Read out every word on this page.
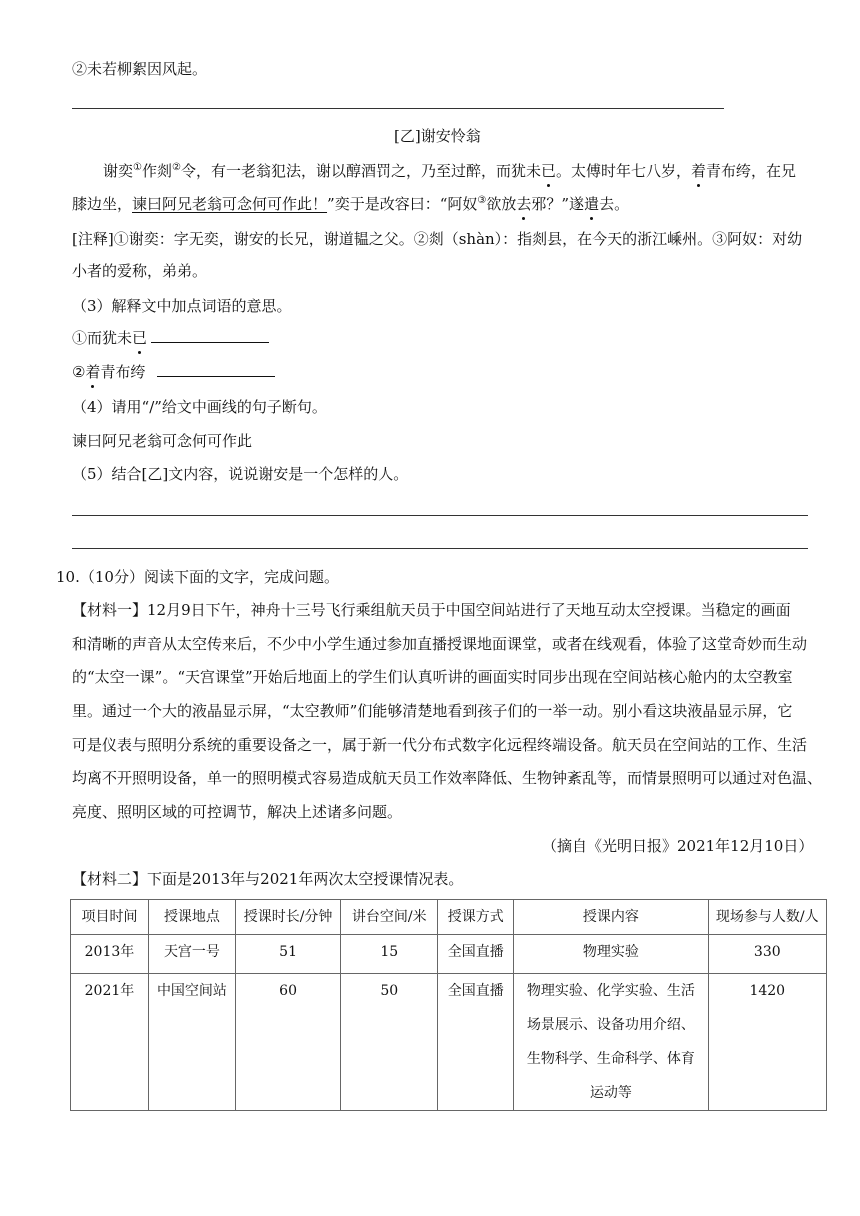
②未若柳絮因风起。
[乙]谢安怜翁
谢奕①作剡②令，有一老翁犯法，谢以醇酒罚之，乃至过醉，而犹未已。太傅时年七八岁，着青布绔，在兄
膝边坐，谏曰阿兄老翁可念何可作此！”奕于是改容曰：“阿奴③欲放去邪？”遂遣去。
[注释]①谢奕：字无奕，谢安的长兄，谢道韫之父。②剡（shàn）：指剡县，在今天的浙江嵊州。③阿奴：对幼
小者的爱称，弟弟。
（3）解释文中加点词语的意思。
①而犹未已
②着青布绔
（4）请用“/”给文中画线的句子断句。
谏曰阿兄老翁可念何可作此
（5）结合[乙]文内容，说说谢安是一个怎样的人。
10.（10分）阅读下面的文字，完成问题。
【材料一】12月9日下午，神舟十三号飞行乘组航天员于中国空间站进行了天地互动太空授课。当稳定的画面
和清晰的声音从太空传来后，不少中小学生通过参加直播授课地面课堂，或者在线观看，体验了这堂奇妙而生动
的“太空一课”。“天宫课堂”开始后地面上的学生们认真听讲的画面实时同步出现在空间站核心舱内的太空教室
里。通过一个大的液晶显示屏，“太空教师”们能够清楚地看到孩子们的一举一动。别小看这块液晶显示屏，它
可是仪表与照明分系统的重要设备之一，属于新一代分布式数字化远程终端设备。航天员在空间站的工作、生活
均离不开照明设备，单一的照明模式容易造成航天员工作效率降低、生物钟紊乱等，而情景照明可以通过对色温、
亮度、照明区域的可控调节，解决上述诸多问题。
（摘自《光明日报》2021年12月10日）
【材料二】下面是2013年与2021年两次太空授课情况表。
项目时间	授课地点	授课时长/分钟	讲台空间/米	授课方式	授课内容	现场参与人数/人
2013年	天宫一号	51	15	全国直播	物理实验	330
2021年	中国空间站	60	50	全国直播	物理实验、化学实验、生活
场景展示、设备功用介绍、
生物科学、生命科学、体育
运动等	1420
